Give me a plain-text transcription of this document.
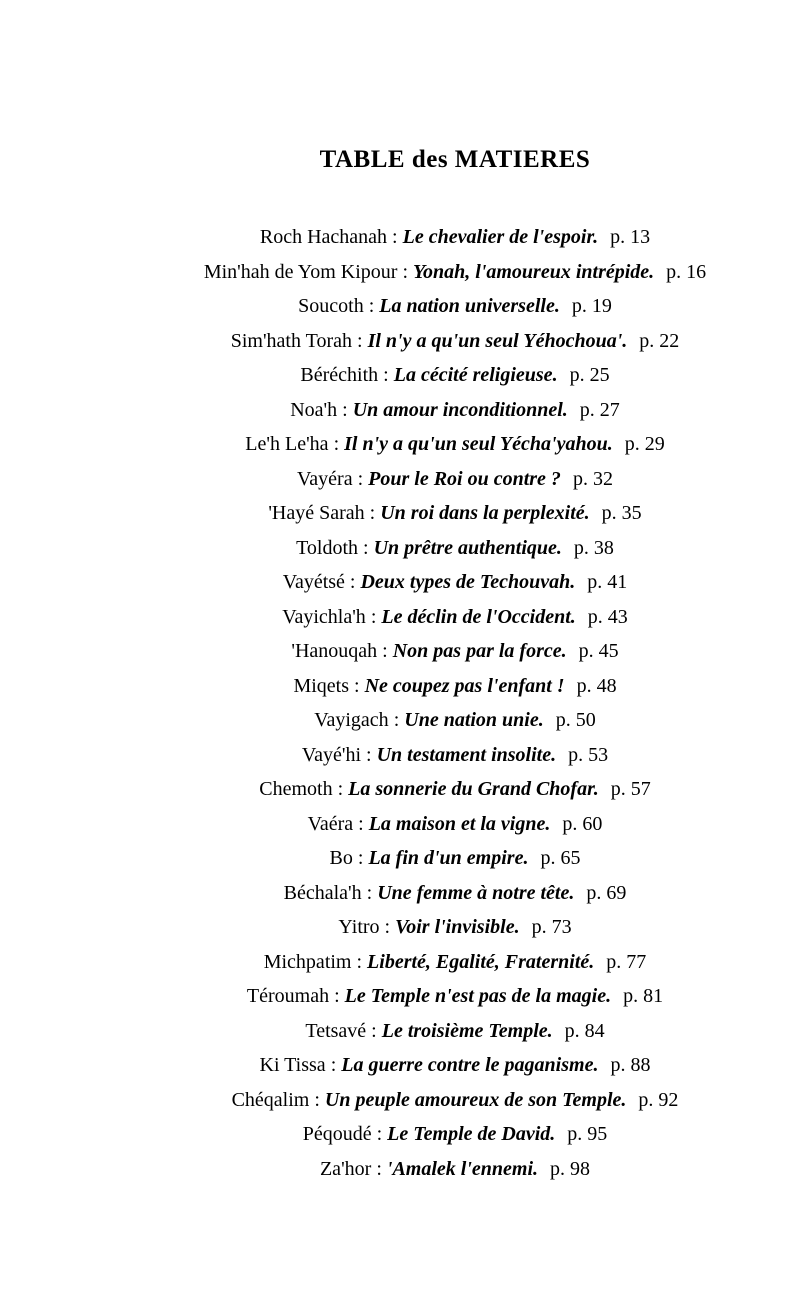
TABLE des MATIERES
Roch Hachanah : Le chevalier de l'espoir. p. 13
Min'hah de Yom Kipour : Yonah, l'amoureux intrépide. p. 16
Soucoth : La nation universelle. p. 19
Sim'hath Torah : Il n'y a qu'un seul Yéhochoua'. p. 22
Béréchith : La cécité religieuse. p. 25
Noa'h : Un amour inconditionnel. p. 27
Le'h Le'ha : Il n'y a qu'un seul Yécha'yahou. p. 29
Vayéra : Pour le Roi ou contre ? p. 32
'Hayé Sarah : Un roi dans la perplexité. p. 35
Toldoth : Un prêtre authentique. p. 38
Vayétsé : Deux types de Techouvah. p. 41
Vayichla'h : Le déclin de l'Occident. p. 43
'Hanouqah : Non pas par la force. p. 45
Miqets : Ne coupez pas l'enfant ! p. 48
Vayigach : Une nation unie. p. 50
Vayé'hi : Un testament insolite. p. 53
Chemoth : La sonnerie du Grand Chofar. p. 57
Vaéra : La maison et la vigne. p. 60
Bo : La fin d'un empire. p. 65
Béchala'h : Une femme à notre tête. p. 69
Yitro : Voir l'invisible. p. 73
Michpatim : Liberté, Egalité, Fraternité. p. 77
Téroumah : Le Temple n'est pas de la magie. p. 81
Tetsavé : Le troisième Temple. p. 84
Ki Tissa : La guerre contre le paganisme. p. 88
Chéqalim : Un peuple amoureux de son Temple. p. 92
Péqoudé : Le Temple de David. p. 95
Za'hor : 'Amalek l'ennemi. p. 98
